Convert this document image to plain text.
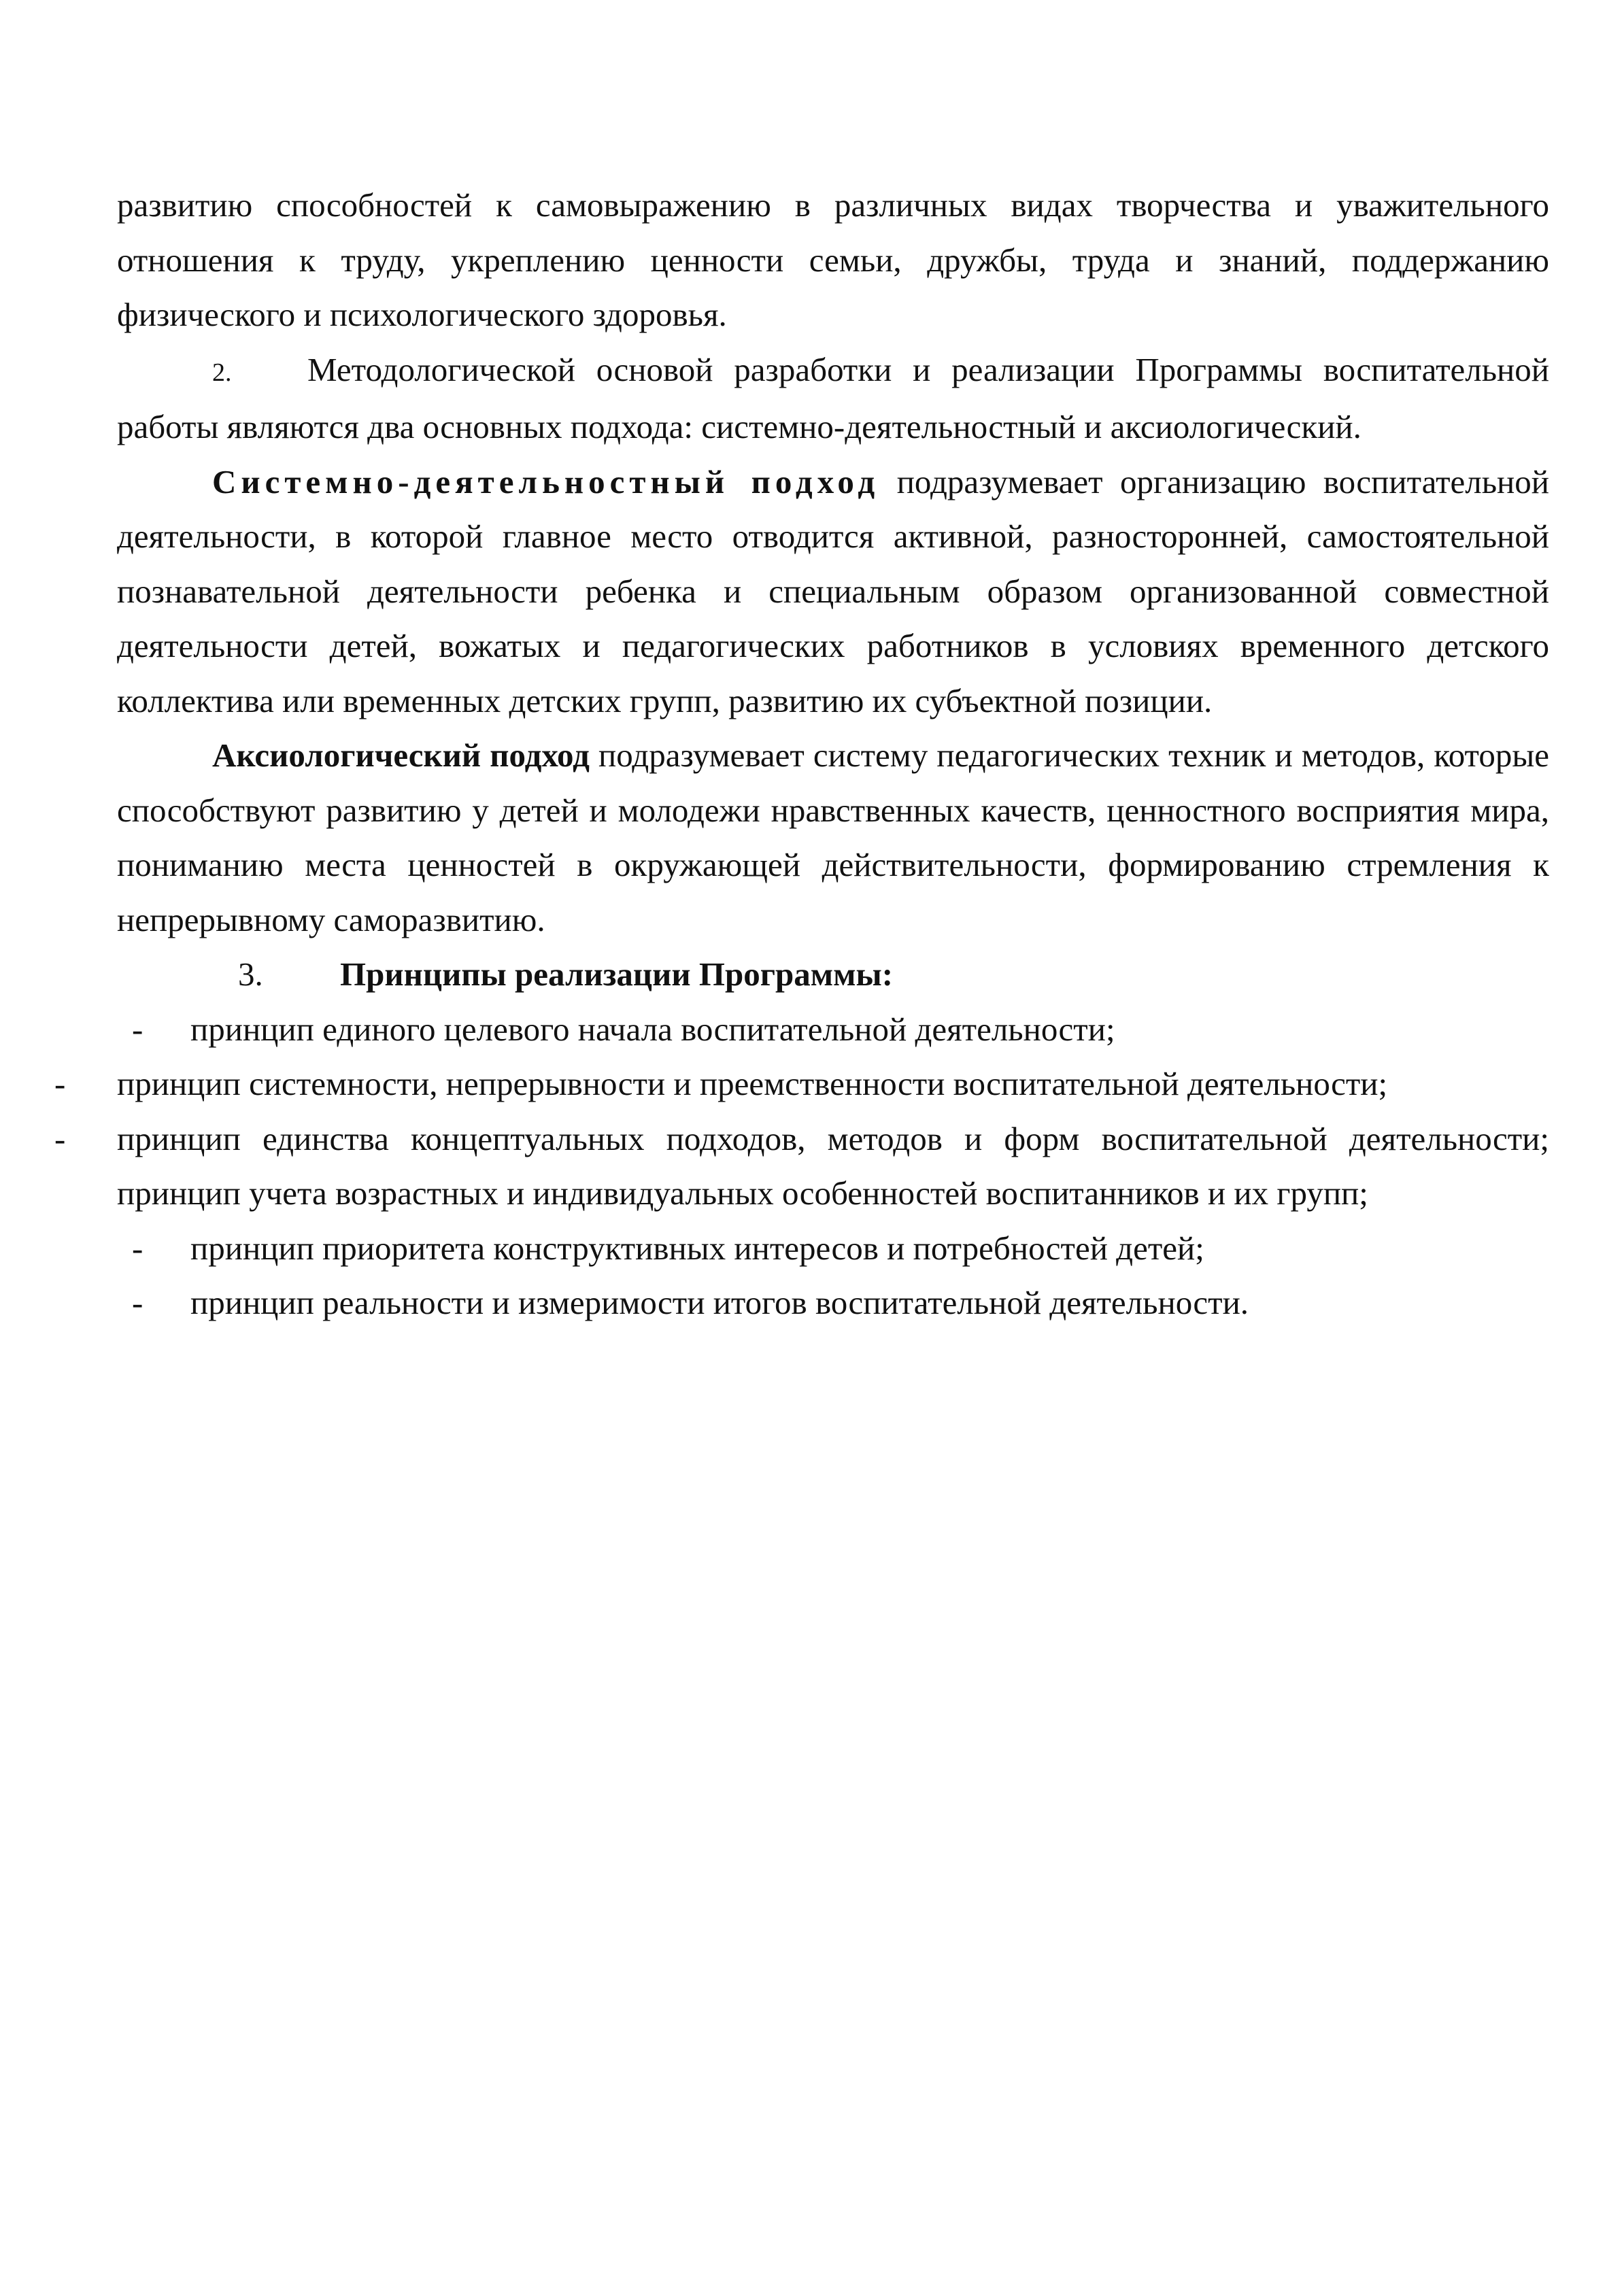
развитию способностей к самовыражению в различных видах творчества и уважительного отношения к труду, укреплению ценности семьи, дружбы, труда и знаний, поддержанию физического и психологического здоровья.

2. Методологической основой разработки и реализации Программы воспитательной работы являются два основных подхода: системно-деятельностный и аксиологический.

Системно-деятельностный подход подразумевает организацию воспитательной деятельности, в которой главное место отводится активной, разносторонней, самостоятельной познавательной деятельности ребенка и специальным образом организованной совместной деятельности детей, вожатых и педагогических работников в условиях временного детского коллектива или временных детских групп, развитию их субъектной позиции.

Аксиологический подход подразумевает систему педагогических техник и методов, которые способствуют развитию у детей и молодежи нравственных качеств, ценностного восприятия мира, пониманию места ценностей в окружающей действительности, формированию стремления к непрерывному саморазвитию.

3. Принципы реализации Программы:

- принцип единого целевого начала воспитательной деятельности;
- принцип системности, непрерывности и преемственности воспитательной деятельности;
- принцип единства концептуальных подходов, методов и форм воспитательной деятельности; принцип учета возрастных и индивидуальных особенностей воспитанников и их групп;
- принцип приоритета конструктивных интересов и потребностей детей;
- принцип реальности и измеримости итогов воспитательной деятельности.
